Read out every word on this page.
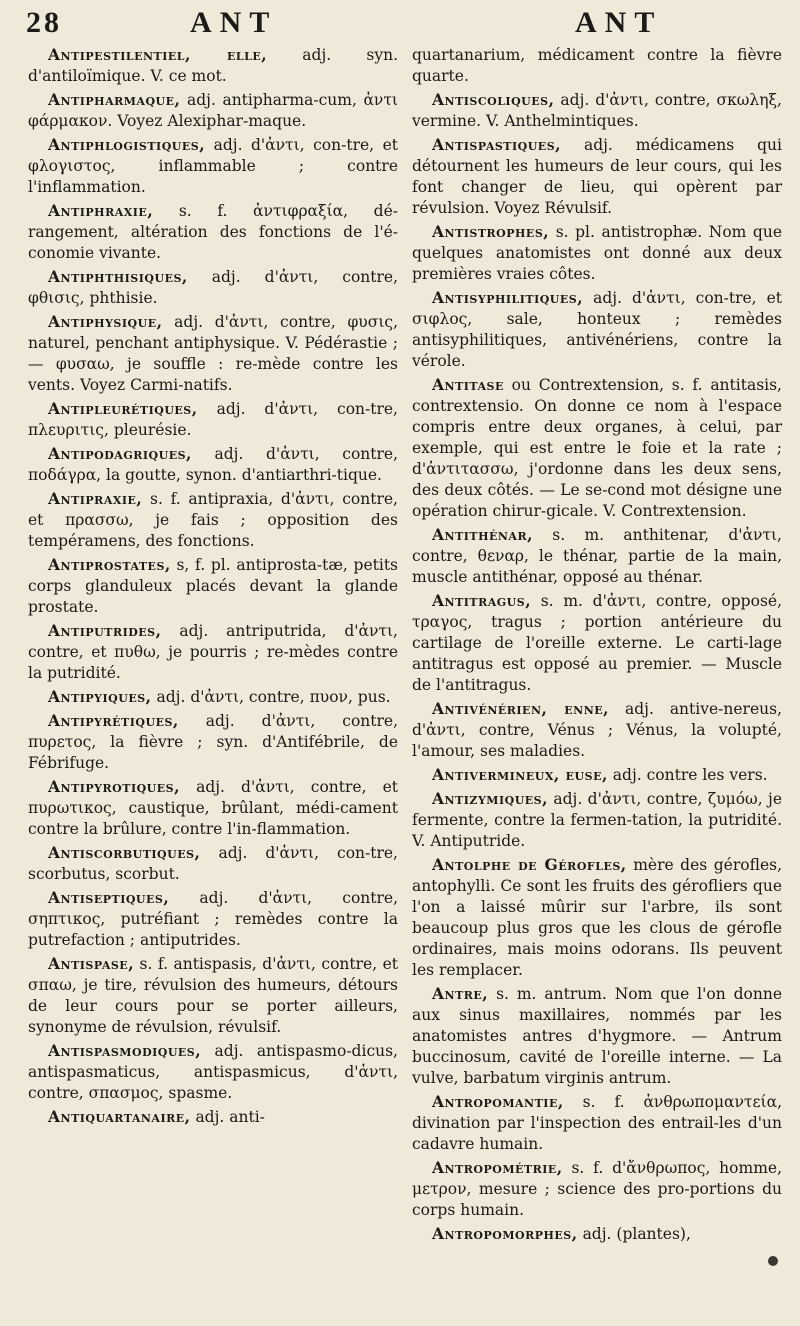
28	ANT	ANT

Antipestilentiel, elle, adj. syn. d'antiloïmique. V. ce mot.

Antipharmaque, adj. antipharma-cum, ἀντι φάρμακον. Voyez Alexiphar-maque.

Antiphlogistiques, adj. d'ἀντι, con-tre, et φλογιστος, inflammable ; contre l'inflammation.

Antiphraxie, s. f. ἀντιφραξία, dé-rangement, altération des fonctions de l'é-conomie vivante.

Antiphthisiques, adj. d'ἀντι, contre, φθισις, phthisie.

Antiphysique, adj. d'ἀντι, contre, φυσις, naturel, penchant antiphysique. V. Pédérastie ; — φυσαω, je souffle : re-mède contre les vents. Voyez Carmi-natifs.

Antipleurétiques, adj. d'ἀντι, con-tre, πλευριτις, pleurésie.

Antipodagriques, adj. d'ἀντι, contre, ποδάγρα, la goutte, synon. d'antiarthri-tique.

Antipraxie, s. f. antipraxia, d'ἀντι, contre, et πρασσω, je fais ; opposition des tempéramens, des fonctions.

Antiprostates, s, f. pl. antiprosta-tæ, petits corps glanduleux placés devant la glande prostate.

Antiputrides, adj. antriputrida, d'ἀντι, contre, et πυθω, je pourris ; re-mèdes contre la putridité.

Antipyiques, adj. d'ἀντι, contre, πυον, pus.

Antipyrétiques, adj. d'ἀντι, contre, πυρετος, la fièvre ; syn. d'Antifébrile, de Fébrifuge.

Antipyrotiques, adj. d'ἀντι, contre, et πυρωτικος, caustique, brûlant, médi-cament contre la brûlure, contre l'in-flammation.

Antiscorbutiques, adj. d'ἀντι, con-tre, scorbutus, scorbut.

Antiseptiques, adj. d'ἀντι, contre, σηπτικος, putréfiant ; remèdes contre la putrefaction ; antiputrides.

Antispase, s. f. antispasis, d'ἀντι, contre, et σπαω, je tire, révulsion des humeurs, détours de leur cours pour se porter ailleurs, synonyme de révulsion, révulsif.

Antispasmodiques, adj. antispasmo-dicus, antispasmaticus, antispasmicus, d'ἀντι, contre, σπασμος, spasme.

Antiquartanaire, adj. anti-

quartanarium, médicament contre la fièvre quarte.

Antiscoliques, adj. d'ἀντι, contre, σκωληξ, vermine. V. Anthelmintiques.

Antispastiques, adj. médicamens qui détournent les humeurs de leur cours, qui les font changer de lieu, qui opèrent par révulsion. Voyez Révulsif.

Antistrophes, s. pl. antistrophæ. Nom que quelques anatomistes ont donné aux deux premières vraies côtes.

Antisyphilitiques, adj. d'ἀντι, con-tre, et σιφλος, sale, honteux ; remèdes antisyphilitiques, antivénériens, contre la vérole.

Antitase ou Contrextension, s. f. antitasis, contrextensio. On donne ce nom à l'espace compris entre deux organes, à celui, par exemple, qui est entre le foie et la rate ; d'ἀντιτασσω, j'ordonne dans les deux sens, des deux côtés. — Le se-cond mot désigne une opération chirur-gicale. V. Contrextension.

Antithénar, s. m. anthitenar, d'ἀντι, contre, θεναρ, le thénar, partie de la main, muscle antithénar, opposé au thénar.

Antitragus, s. m. d'ἀντι, contre, opposé, τραγος, tragus ; portion antérieure du cartilage de l'oreille externe. Le carti-lage antitragus est opposé au premier. — Muscle de l'antitragus.

Antivénérien, enne, adj. antive-nereus, d'ἀντι, contre, Vénus ; Vénus, la volupté, l'amour, ses maladies.

Antivermineux, euse, adj. contre les vers.

Antizymiques, adj. d'ἀντι, contre, ζυμόω, je fermente, contre la fermen-tation, la putridité. V. Antiputride.

Antolphe de Gérofles, mère des gérofles, antophylli. Ce sont les fruits des gérofliers que l'on a laissé mûrir sur l'arbre, ils sont beaucoup plus gros que les clous de gérofle ordinaires, mais moins odorans. Ils peuvent les remplacer.

Antre, s. m. antrum. Nom que l'on donne aux sinus maxillaires, nommés par les anatomistes antres d'hygmore. — Antrum buccinosum, cavité de l'oreille interne. — La vulve, barbatum virginis antrum.

Antropomantie, s. f. ἀνθρωπομαντεία, divination par l'inspection des entrail-les d'un cadavre humain.

Antropométrie, s. f. d'ἄνθρωπος, homme, μετρον, mesure ; science des pro-portions du corps humain.

Antropomorphes, adj. (plantes),
